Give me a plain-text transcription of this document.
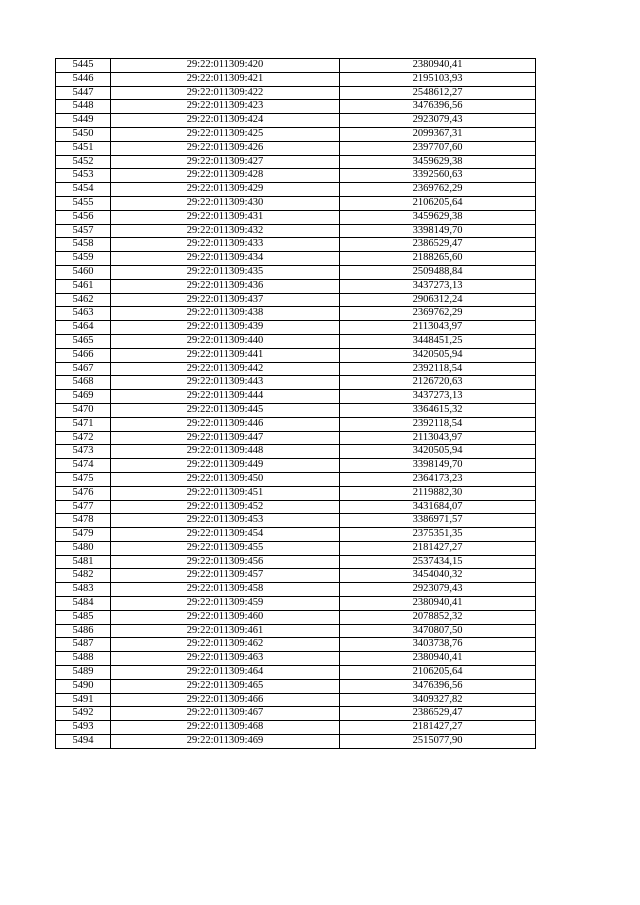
5445	29:22:011309:420	2380940,41
5446	29:22:011309:421	2195103,93
5447	29:22:011309:422	2548612,27
5448	29:22:011309:423	3476396,56
5449	29:22:011309:424	2923079,43
5450	29:22:011309:425	2099367,31
5451	29:22:011309:426	2397707,60
5452	29:22:011309:427	3459629,38
5453	29:22:011309:428	3392560,63
5454	29:22:011309:429	2369762,29
5455	29:22:011309:430	2106205,64
5456	29:22:011309:431	3459629,38
5457	29:22:011309:432	3398149,70
5458	29:22:011309:433	2386529,47
5459	29:22:011309:434	2188265,60
5460	29:22:011309:435	2509488,84
5461	29:22:011309:436	3437273,13
5462	29:22:011309:437	2906312,24
5463	29:22:011309:438	2369762,29
5464	29:22:011309:439	2113043,97
5465	29:22:011309:440	3448451,25
5466	29:22:011309:441	3420505,94
5467	29:22:011309:442	2392118,54
5468	29:22:011309:443	2126720,63
5469	29:22:011309:444	3437273,13
5470	29:22:011309:445	3364615,32
5471	29:22:011309:446	2392118,54
5472	29:22:011309:447	2113043,97
5473	29:22:011309:448	3420505,94
5474	29:22:011309:449	3398149,70
5475	29:22:011309:450	2364173,23
5476	29:22:011309:451	2119882,30
5477	29:22:011309:452	3431684,07
5478	29:22:011309:453	3386971,57
5479	29:22:011309:454	2375351,35
5480	29:22:011309:455	2181427,27
5481	29:22:011309:456	2537434,15
5482	29:22:011309:457	3454040,32
5483	29:22:011309:458	2923079,43
5484	29:22:011309:459	2380940,41
5485	29:22:011309:460	2078852,32
5486	29:22:011309:461	3470807,50
5487	29:22:011309:462	3403738,76
5488	29:22:011309:463	2380940,41
5489	29:22:011309:464	2106205,64
5490	29:22:011309:465	3476396,56
5491	29:22:011309:466	3409327,82
5492	29:22:011309:467	2386529,47
5493	29:22:011309:468	2181427,27
5494	29:22:011309:469	2515077,90
